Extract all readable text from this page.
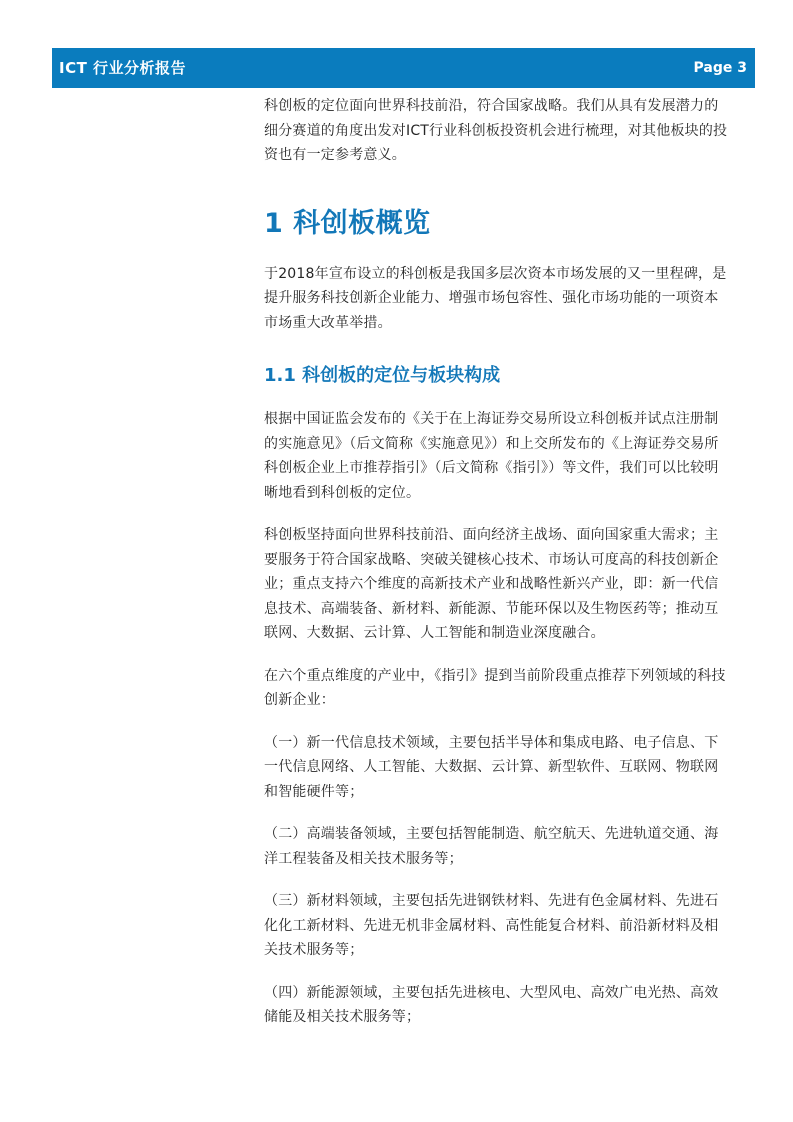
ICT 行业分析报告	Page 3

科创板的定位面向世界科技前沿，符合国家战略。我们从具有发展潜力的细分赛道的角度出发对ICT行业科创板投资机会进行梳理，对其他板块的投资也有一定参考意义。

1 科创板概览

于2018年宣布设立的科创板是我国多层次资本市场发展的又一里程碑，是提升服务科技创新企业能力、增强市场包容性、强化市场功能的一项资本市场重大改革举措。

1.1 科创板的定位与板块构成

根据中国证监会发布的《关于在上海证券交易所设立科创板并试点注册制的实施意见》（后文简称《实施意见》）和上交所发布的《上海证券交易所科创板企业上市推荐指引》（后文简称《指引》）等文件，我们可以比较明晰地看到科创板的定位。

科创板坚持面向世界科技前沿、面向经济主战场、面向国家重大需求；主要服务于符合国家战略、突破关键核心技术、市场认可度高的科技创新企业；重点支持六个维度的高新技术产业和战略性新兴产业，即：新一代信息技术、高端装备、新材料、新能源、节能环保以及生物医药等；推动互联网、大数据、云计算、人工智能和制造业深度融合。

在六个重点维度的产业中，《指引》提到当前阶段重点推荐下列领域的科技创新企业：

（一）新一代信息技术领域，主要包括半导体和集成电路、电子信息、下一代信息网络、人工智能、大数据、云计算、新型软件、互联网、物联网和智能硬件等；

（二）高端装备领域，主要包括智能制造、航空航天、先进轨道交通、海洋工程装备及相关技术服务等；

（三）新材料领域，主要包括先进钢铁材料、先进有色金属材料、先进石化化工新材料、先进无机非金属材料、高性能复合材料、前沿新材料及相关技术服务等；

（四）新能源领域，主要包括先进核电、大型风电、高效广电光热、高效储能及相关技术服务等；
